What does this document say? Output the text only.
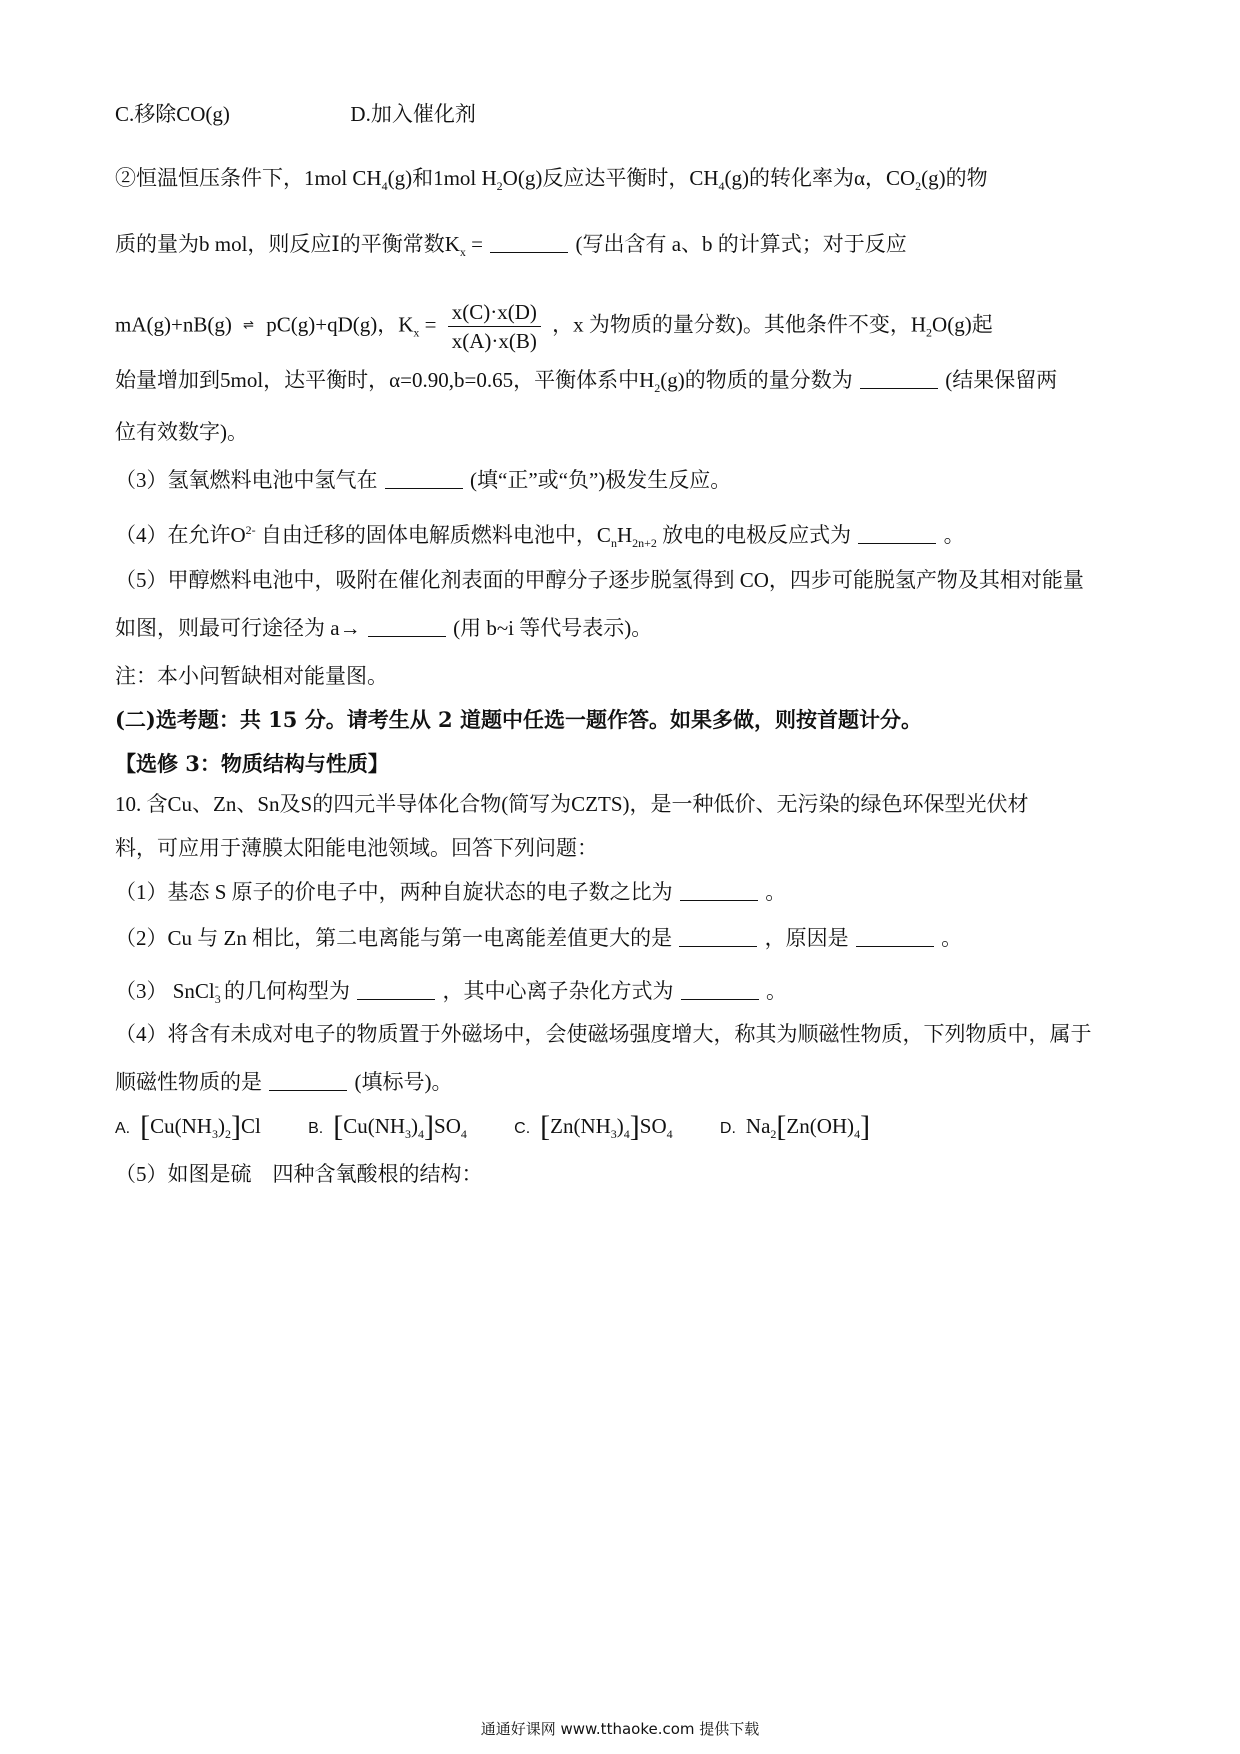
C.移除CO(g)	D.加入催化剂
②恒温恒压条件下，1mol $CH_4(g)$和1mol $H_2O(g)$反应达平衡时，$CH_4(g)$的转化率为α，$CO_2(g)$的物
质的量为b mol，则反应Ⅰ的平衡常数$K_x$ =	(写出含有 a、b 的计算式；对于反应
mA(g)+nB(g) ⇌ pC(g)+qD(g)，$K_x = \frac{x(C)\cdot x(D)}{x(A)\cdot x(B)}$ ，x 为物质的量分数)。其他条件不变，$H_2O(g)$起
始量增加到5mol，达平衡时，α=0.90,b=0.65，平衡体系中$H_2(g)$的物质的量分数为	(结果保留两
位有效数字)。
（3）氢氧燃料电池中氢气在	(填“正”或“负”)极发生反应。
（4）在允许$O^{2-}$ 自由迁移的固体电解质燃料电池中，$C_nH_{2n+2}$ 放电的电极反应式为	。
（5）甲醇燃料电池中，吸附在催化剂表面的甲醇分子逐步脱氢得到 CO，四步可能脱氢产物及其相对能量
如图，则最可行途径为 a→	(用 b~i 等代号表示)。
注：本小问暂缺相对能量图。
(二)选考题：共 15 分。请考生从 2 道题中任选一题作答。如果多做，则按首题计分。
【选修 3：物质结构与性质】
10. 含Cu、Zn、Sn及S的四元半导体化合物(简写为CZTS)，是一种低价、无污染的绿色环保型光伏材
料，可应用于薄膜太阳能电池领域。回答下列问题：
（1）基态 S 原子的价电子中，两种自旋状态的电子数之比为	。
（2）Cu 与 Zn 相比，第二电离能与第一电离能差值更大的是	，原因是	。
（3） SnCl$_3$- 的几何构型为	，其中心离子杂化方式为	。
（4）将含有未成对电子的物质置于外磁场中，会使磁场强度增大，称其为顺磁性物质，下列物质中，属于
顺磁性物质的是	(填标号)。
A. $[Cu(NH_3)_2]Cl$	B. $[Cu(NH_3)_4]SO_4$	C. $[Zn(NH_3)_4]SO_4$	D. $Na_2[Zn(OH)_4]$
（5）如图是硫　四种含氧酸根的结构：
通通好课网 www.tthaoke.com 提供下载
